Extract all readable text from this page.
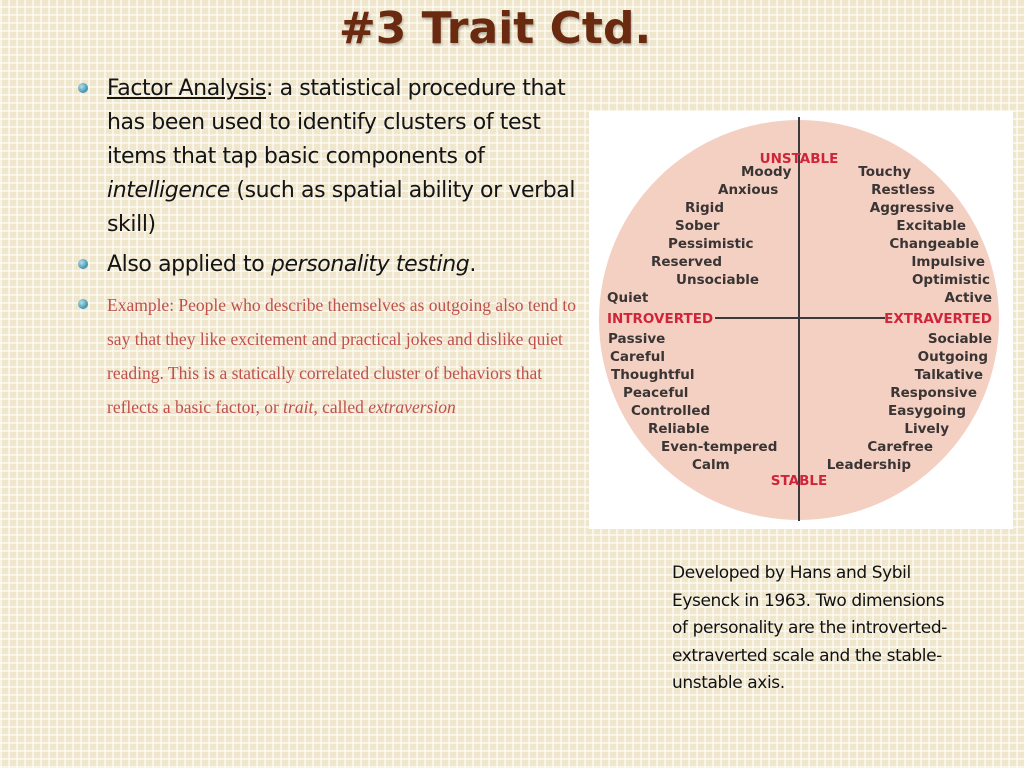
#3 Trait Ctd.
Factor Analysis: a statistical procedure that has been used to identify clusters of test items that tap basic components of intelligence (such as spatial ability or verbal skill)
Also applied to personality testing.
Example: People who describe themselves as outgoing also tend to say that they like excitement and practical jokes and dislike quiet reading. This is a statically correlated cluster of behaviors that reflects a basic factor, or trait, called extraversion
UNSTABLE
STABLE
INTROVERTED	EXTRAVERTED
Moody
Anxious
Rigid
Sober
Pessimistic
Reserved
Unsociable
Quiet
Touchy
Restless
Aggressive
Excitable
Changeable
Impulsive
Optimistic
Active
Passive
Careful
Thoughtful
Peaceful
Controlled
Reliable
Even-tempered
Calm
Sociable
Outgoing
Talkative
Responsive
Easygoing
Lively
Carefree
Leadership

Developed by Hans and Sybil Eysenck in 1963. Two dimensions of personality are the introverted-extraverted scale and the stable-unstable axis.
